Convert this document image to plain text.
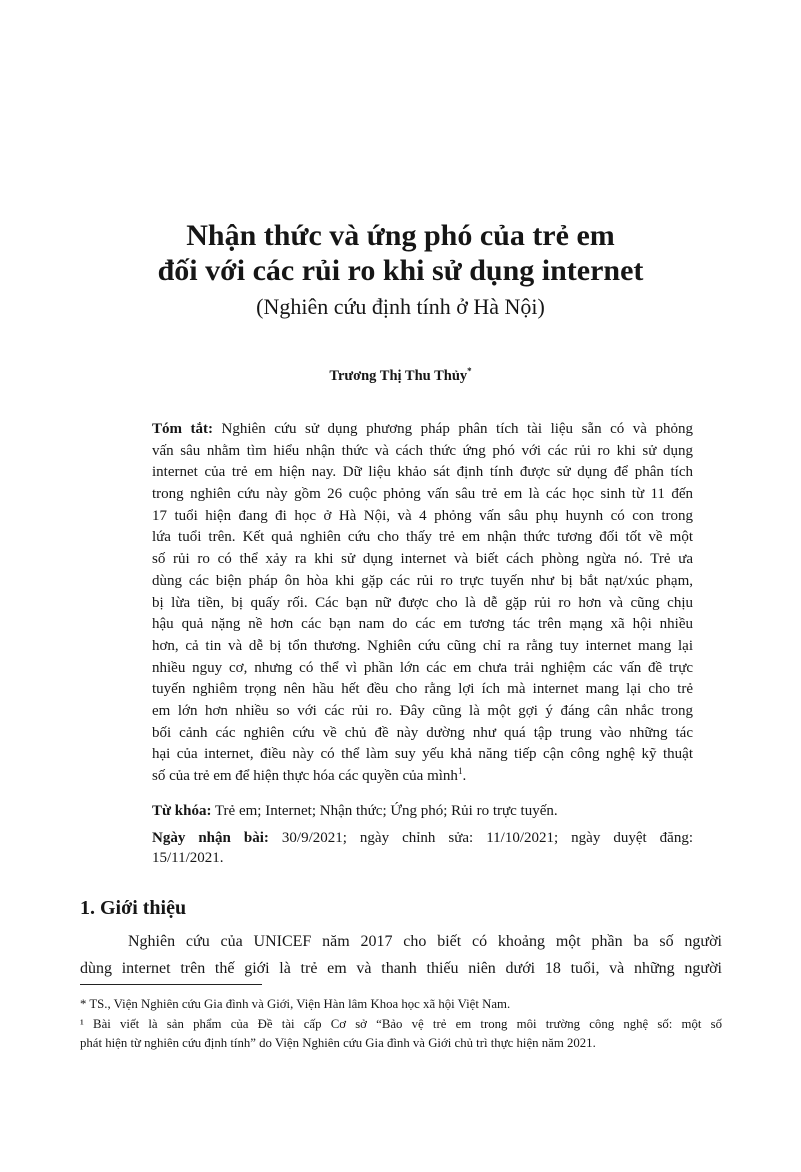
Nhận thức và ứng phó của trẻ em
đối với các rủi ro khi sử dụng internet
(Nghiên cứu định tính ở Hà Nội)
Trương Thị Thu Thủy*
Tóm tắt: Nghiên cứu sử dụng phương pháp phân tích tài liệu sẵn có và phỏng
vấn sâu nhằm tìm hiểu nhận thức và cách thức ứng phó với các rủi ro khi sử dụng
internet của trẻ em hiện nay. Dữ liệu khảo sát định tính được sử dụng để phân tích
trong nghiên cứu này gồm 26 cuộc phỏng vấn sâu trẻ em là các học sinh từ 11 đến
17 tuổi hiện đang đi học ở Hà Nội, và 4 phỏng vấn sâu phụ huynh có con trong
lứa tuổi trên. Kết quả nghiên cứu cho thấy trẻ em nhận thức tương đối tốt về một
số rủi ro có thể xảy ra khi sử dụng internet và biết cách phòng ngừa nó. Trẻ ưa
dùng các biện pháp ôn hòa khi gặp các rủi ro trực tuyến như bị bắt nạt/xúc phạm,
bị lừa tiền, bị quấy rối. Các bạn nữ được cho là dễ gặp rủi ro hơn và cũng chịu
hậu quả nặng nề hơn các bạn nam do các em tương tác trên mạng xã hội nhiều
hơn, cả tin và dễ bị tổn thương. Nghiên cứu cũng chỉ ra rằng tuy internet mang lại
nhiều nguy cơ, nhưng có thể vì phần lớn các em chưa trải nghiệm các vấn đề trực
tuyến nghiêm trọng nên hầu hết đều cho rằng lợi ích mà internet mang lại cho trẻ
em lớn hơn nhiều so với các rủi ro. Đây cũng là một gợi ý đáng cân nhắc trong
bối cảnh các nghiên cứu về chủ đề này dường như quá tập trung vào những tác
hại của internet, điều này có thể làm suy yếu khả năng tiếp cận công nghệ kỹ thuật
số của trẻ em để hiện thực hóa các quyền của mình$^1$.
Từ khóa: Trẻ em; Internet; Nhận thức; Ứng phó; Rủi ro trực tuyến.
Ngày nhận bài: 30/9/2021; ngày chỉnh sửa: 11/10/2021; ngày duyệt đăng:
15/11/2021.
1. Giới thiệu
Nghiên cứu của UNICEF năm 2017 cho biết có khoảng một phần ba số người
dùng internet trên thế giới là trẻ em và thanh thiếu niên dưới 18 tuổi, và những người
* TS., Viện Nghiên cứu Gia đình và Giới, Viện Hàn lâm Khoa học xã hội Việt Nam.
¹ Bài viết là sản phẩm của Đề tài cấp Cơ sở “Bảo vệ trẻ em trong môi trường công nghệ số: một số
phát hiện từ nghiên cứu định tính” do Viện Nghiên cứu Gia đình và Giới chủ trì thực hiện năm 2021.
